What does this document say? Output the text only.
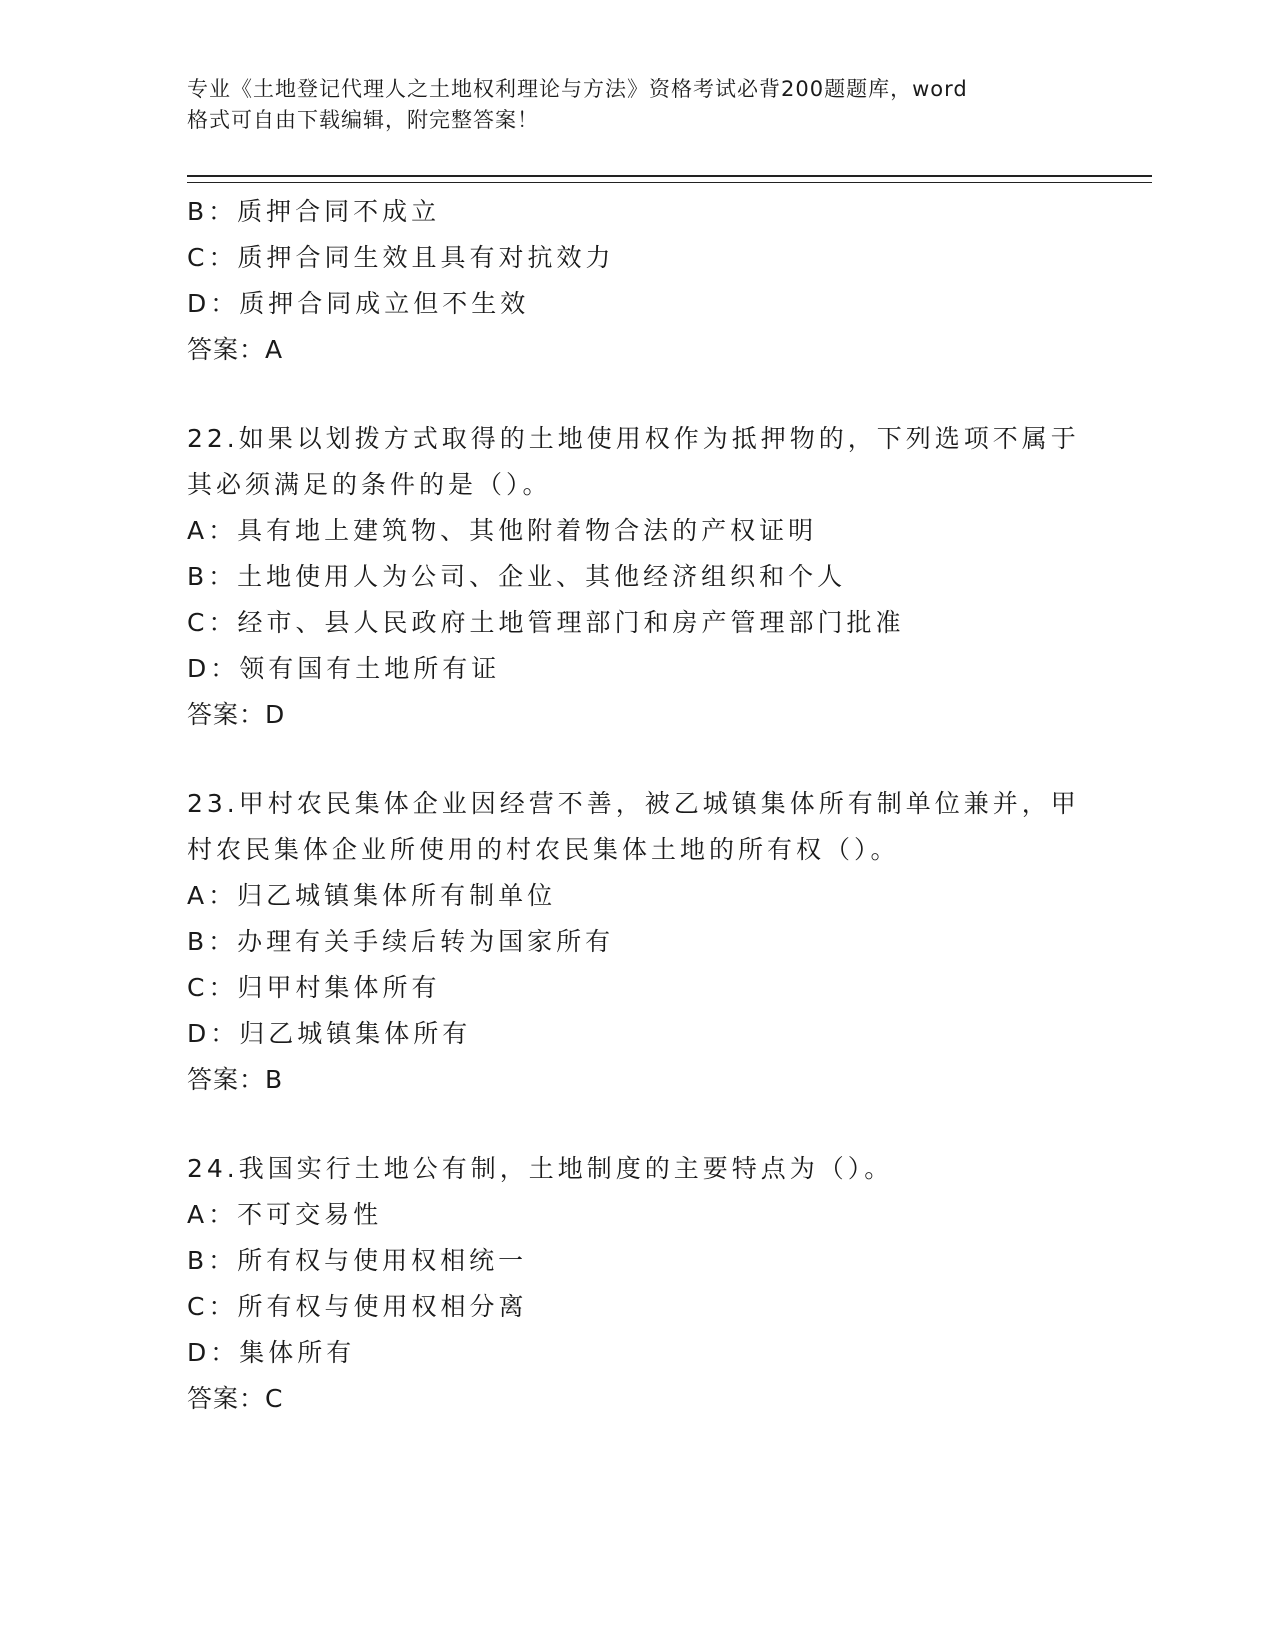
专业《土地登记代理人之土地权利理论与方法》资格考试必背200题题库，word
格式可自由下载编辑，附完整答案！
B：质押合同不成立
C：质押合同生效且具有对抗效力
D：质押合同成立但不生效
答案：A
22.如果以划拨方式取得的土地使用权作为抵押物的，下列选项不属于
其必须满足的条件的是（）。
A：具有地上建筑物、其他附着物合法的产权证明
B：土地使用人为公司、企业、其他经济组织和个人
C：经市、县人民政府土地管理部门和房产管理部门批准
D：领有国有土地所有证
答案：D
23.甲村农民集体企业因经营不善，被乙城镇集体所有制单位兼并，甲
村农民集体企业所使用的村农民集体土地的所有权（）。
A：归乙城镇集体所有制单位
B：办理有关手续后转为国家所有
C：归甲村集体所有
D：归乙城镇集体所有
答案：B
24.我国实行土地公有制，土地制度的主要特点为（）。
A：不可交易性
B：所有权与使用权相统一
C：所有权与使用权相分离
D：集体所有
答案：C
